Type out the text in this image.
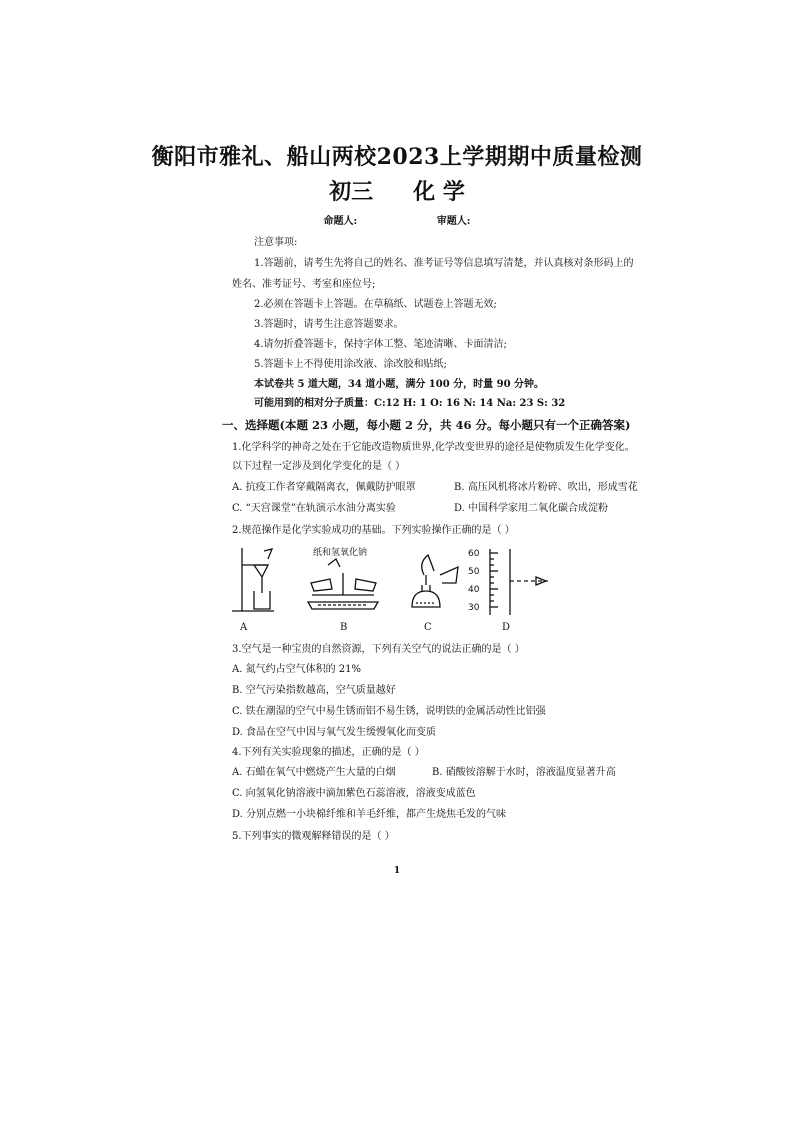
衡阳市雅礼、船山两校2023上学期期中质量检测
初三 化 学
命题人:	审题人:
注意事项:
1.答题前，请考生先将自己的姓名、准考证号等信息填写清楚，并认真核对条形码上的
姓名、准考证号、考室和座位号;
2.必须在答题卡上答题。在草稿纸、试题卷上答题无效;
3.答题时，请考生注意答题要求。
4.请勿折叠答题卡，保持字体工整、笔迹清晰、卡面清洁;
5.答题卡上不得使用涂改液、涂改胶和贴纸;
本试卷共 5 道大题，34 道小题，满分 100 分，时量 90 分钟。
可能用到的相对分子质量：C:12 H: 1 O: 16 N: 14 Na: 23 S: 32
一、选择题(本题 23 小题，每小题 2 分，共 46 分。每小题只有一个正确答案)
1.化学科学的神奇之处在于它能改造物质世界,化学改变世界的途径是使物质发生化学变化。
以下过程一定涉及到化学变化的是（ ）
A. 抗疫工作者穿戴隔离衣，佩戴防护眼罩	B. 高压风机将冰片粉碎、吹出，形成雪花
C. “天宫课堂”在轨演示水油分离实验	D. 中国科学家用二氧化碳合成淀粉
2.规范操作是化学实验成功的基础。下列实验操作正确的是（ ）
纸和氢氧化钠	60
50
40
30
A	B	C	D
3.空气是一种宝贵的自然资源，下列有关空气的说法正确的是（ ）
A. 氮气约占空气体积的 21%
B. 空气污染指数越高，空气质量越好
C. 铁在潮湿的空气中易生锈而铝不易生锈，说明铁的金属活动性比铝强
D. 食品在空气中因与氧气发生缓慢氧化而变质
4.下列有关实验现象的描述，正确的是（ ）
A. 石蜡在氧气中燃烧产生大量的白烟	B. 硝酸铵溶解于水时，溶液温度显著升高
C. 向氢氧化钠溶液中滴加紫色石蕊溶液，溶液变成蓝色
D. 分别点燃一小块棉纤维和羊毛纤维，都产生烧焦毛发的气味
5.下列事实的微观解释错误的是（ ）
1
